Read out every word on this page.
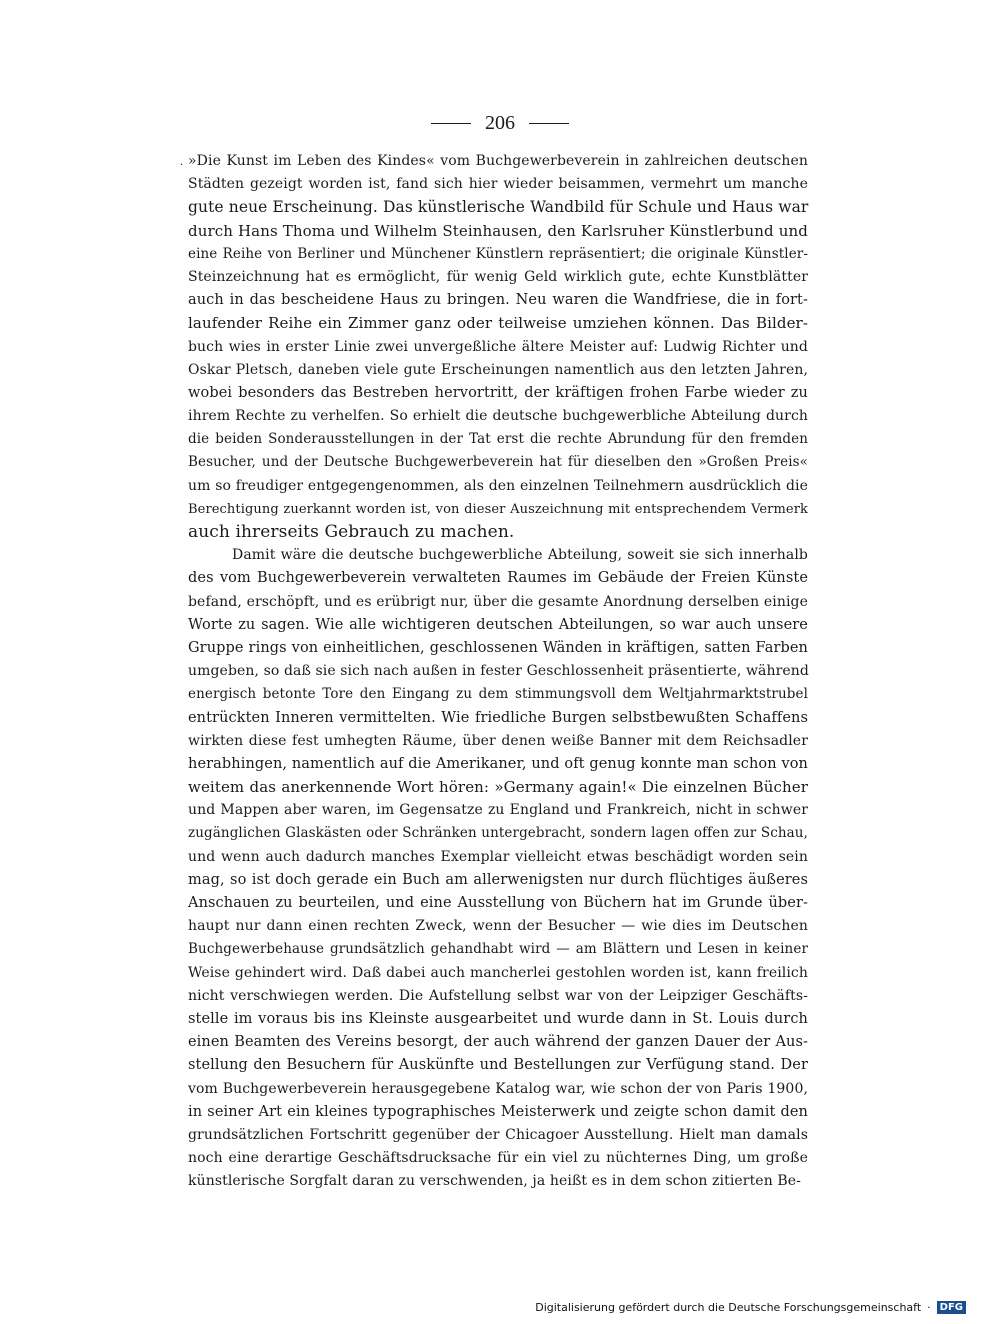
206
· »Die Kunst im Leben des Kindes« vom Buchgewerbeverein in zahlreichen deutschen
Städten gezeigt worden ist, fand sich hier wieder beisammen, vermehrt um manche
gute neue Erscheinung. Das künstlerische Wandbild für Schule und Haus war
durch Hans Thoma und Wilhelm Steinhausen, den Karlsruher Künstlerbund und
eine Reihe von Berliner und Münchener Künstlern repräsentiert; die originale Künstler-
Steinzeichnung hat es ermöglicht, für wenig Geld wirklich gute, echte Kunstblätter
auch in das bescheidene Haus zu bringen. Neu waren die Wandfriese, die in fort-
laufender Reihe ein Zimmer ganz oder teilweise umziehen können. Das Bilder-
buch wies in erster Linie zwei unvergeßliche ältere Meister auf: Ludwig Richter und
Oskar Pletsch, daneben viele gute Erscheinungen namentlich aus den letzten Jahren,
wobei besonders das Bestreben hervortritt, der kräftigen frohen Farbe wieder zu
ihrem Rechte zu verhelfen. So erhielt die deutsche buchgewerbliche Abteilung durch
die beiden Sonderausstellungen in der Tat erst die rechte Abrundung für den fremden
Besucher, und der Deutsche Buchgewerbeverein hat für dieselben den »Großen Preis«
um so freudiger entgegengenommen, als den einzelnen Teilnehmern ausdrücklich die
Berechtigung zuerkannt worden ist, von dieser Auszeichnung mit entsprechendem Vermerk
auch ihrerseits Gebrauch zu machen.
Damit wäre die deutsche buchgewerbliche Abteilung, soweit sie sich innerhalb
des vom Buchgewerbeverein verwalteten Raumes im Gebäude der Freien Künste
befand, erschöpft, und es erübrigt nur, über die gesamte Anordnung derselben einige
Worte zu sagen. Wie alle wichtigeren deutschen Abteilungen, so war auch unsere
Gruppe rings von einheitlichen, geschlossenen Wänden in kräftigen, satten Farben
umgeben, so daß sie sich nach außen in fester Geschlossenheit präsentierte, während
energisch betonte Tore den Eingang zu dem stimmungsvoll dem Weltjahrmarktstrubel
entrückten Inneren vermittelten. Wie friedliche Burgen selbstbewußten Schaffens
wirkten diese fest umhegten Räume, über denen weiße Banner mit dem Reichsadler
herabhingen, namentlich auf die Amerikaner, und oft genug konnte man schon von
weitem das anerkennende Wort hören: »Germany again!« Die einzelnen Bücher
und Mappen aber waren, im Gegensatze zu England und Frankreich, nicht in schwer
zugänglichen Glaskästen oder Schränken untergebracht, sondern lagen offen zur Schau,
und wenn auch dadurch manches Exemplar vielleicht etwas beschädigt worden sein
mag, so ist doch gerade ein Buch am allerwenigsten nur durch flüchtiges äußeres
Anschauen zu beurteilen, und eine Ausstellung von Büchern hat im Grunde über-
haupt nur dann einen rechten Zweck, wenn der Besucher — wie dies im Deutschen
Buchgewerbehause grundsätzlich gehandhabt wird — am Blättern und Lesen in keiner
Weise gehindert wird. Daß dabei auch mancherlei gestohlen worden ist, kann freilich
nicht verschwiegen werden. Die Aufstellung selbst war von der Leipziger Geschäfts-
stelle im voraus bis ins Kleinste ausgearbeitet und wurde dann in St. Louis durch
einen Beamten des Vereins besorgt, der auch während der ganzen Dauer der Aus-
stellung den Besuchern für Auskünfte und Bestellungen zur Verfügung stand. Der
vom Buchgewerbeverein herausgegebene Katalog war, wie schon der von Paris 1900,
in seiner Art ein kleines typographisches Meisterwerk und zeigte schon damit den
grundsätzlichen Fortschritt gegenüber der Chicagoer Ausstellung. Hielt man damals
noch eine derartige Geschäftsdrucksache für ein viel zu nüchternes Ding, um große
künstlerische Sorgfalt daran zu verschwenden, ja heißt es in dem schon zitierten Be-
Digitalisierung gefördert durch die Deutsche Forschungsgemeinschaft · DFG
